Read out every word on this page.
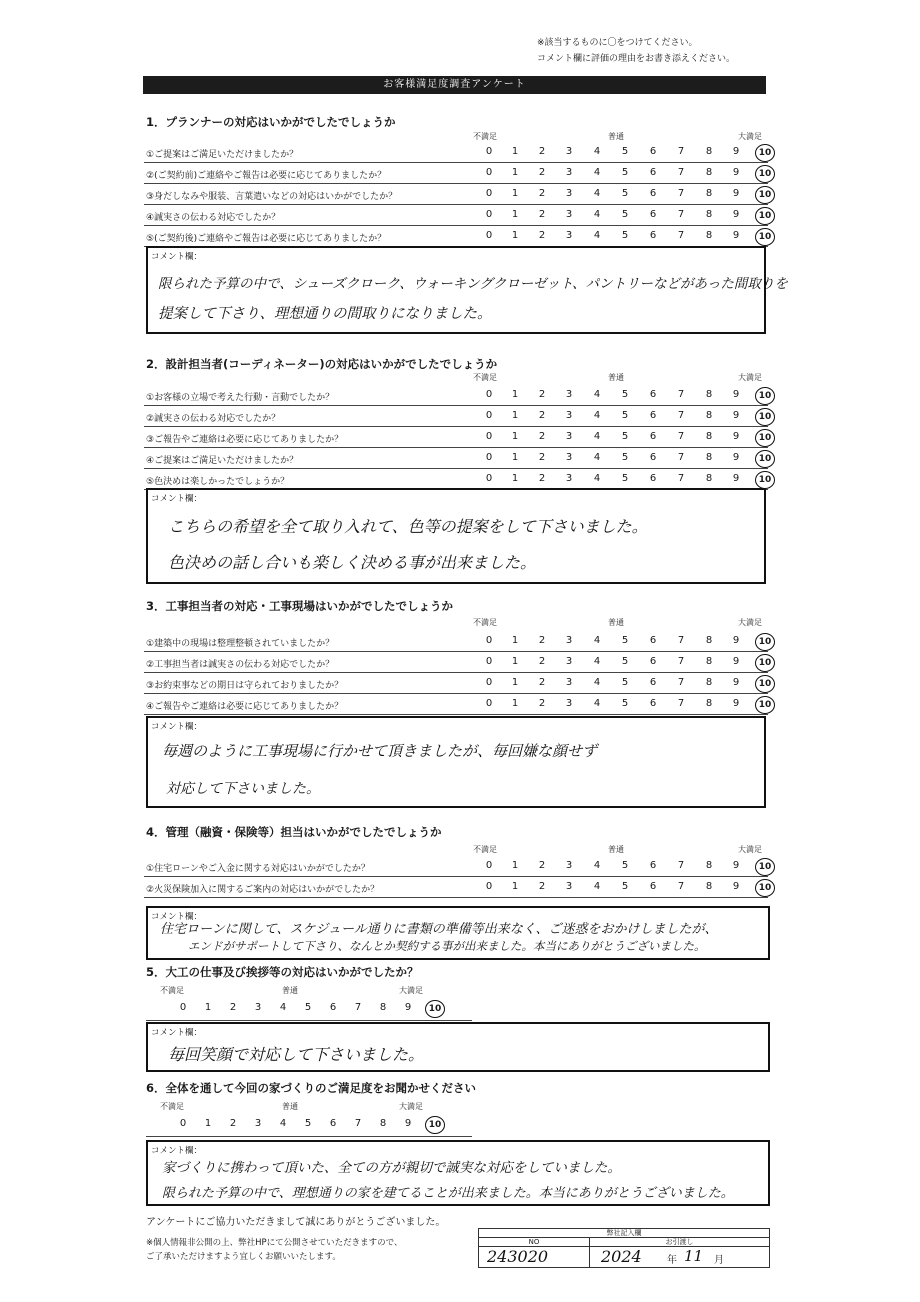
※該当するものに〇をつけてください。
コメント欄に評価の理由をお書き添えください。
お客様満足度調査アンケート
1．プランナーの対応はいかがでしたでしょうか
不満足	普通	大満足
①ご提案はご満足いただけましたか？	0	1	2	3	4	5	6	7	8	9	10
②(ご契約前)ご連絡やご報告は必要に応じてありましたか？	0	1	2	3	4	5	6	7	8	9	10
③身だしなみや服装、言葉遣いなどの対応はいかがでしたか？	0	1	2	3	4	5	6	7	8	9	10
④誠実さの伝わる対応でしたか？	0	1	2	3	4	5	6	7	8	9	10
⑤(ご契約後)ご連絡やご報告は必要に応じてありましたか？	0	1	2	3	4	5	6	7	8	9	10
コメント欄：
限られた予算の中で、シューズクローク、ウォーキングクローゼット、パントリーなどがあった間取りを
提案して下さり、理想通りの間取りになりました。
2．設計担当者(コーディネーター)の対応はいかがでしたでしょうか
不満足	普通	大満足
①お客様の立場で考えた行動・言動でしたか？	0	1	2	3	4	5	6	7	8	9	10
②誠実さの伝わる対応でしたか？	0	1	2	3	4	5	6	7	8	9	10
③ご報告やご連絡は必要に応じてありましたか？	0	1	2	3	4	5	6	7	8	9	10
④ご提案はご満足いただけましたか？	0	1	2	3	4	5	6	7	8	9	10
⑤色決めは楽しかったでしょうか？	0	1	2	3	4	5	6	7	8	9	10
コメント欄：
こちらの希望を全て取り入れて、色等の提案をして下さいました。
色決めの話し合いも楽しく決める事が出来ました。
3．工事担当者の対応・工事現場はいかがでしたでしょうか
不満足	普通	大満足
①建築中の現場は整理整頓されていましたか？	0	1	2	3	4	5	6	7	8	9	10
②工事担当者は誠実さの伝わる対応でしたか？	0	1	2	3	4	5	6	7	8	9	10
③お約束事などの期日は守られておりましたか？	0	1	2	3	4	5	6	7	8	9	10
④ご報告やご連絡は必要に応じてありましたか？	0	1	2	3	4	5	6	7	8	9	10
コメント欄：
毎週のように工事現場に行かせて頂きましたが、毎回嫌な顔せず
対応して下さいました。
4．管理（融資・保険等）担当はいかがでしたでしょうか
不満足	普通	大満足
①住宅ローンやご入金に関する対応はいかがでしたか？	0	1	2	3	4	5	6	7	8	9	10
②火災保険加入に関するご案内の対応はいかがでしたか？	0	1	2	3	4	5	6	7	8	9	10
コメント欄：
住宅ローンに関して、スケジュール通りに書類の準備等出来なく、ご迷惑をおかけしましたが、
エンドがサポートして下さり、なんとか契約する事が出来ました。本当にありがとうございました。
5．大工の仕事及び挨拶等の対応はいかがでしたか？
不満足	普通	大満足
0	1	2	3	4	5	6	7	8	9	10
コメント欄：
毎回笑顔で対応して下さいました。
6．全体を通して今回の家づくりのご満足度をお聞かせください
不満足	普通	大満足
0	1	2	3	4	5	6	7	8	9	10
コメント欄：
家づくりに携わって頂いた、全ての方が親切で誠実な対応をしていました。
限られた予算の中で、理想通りの家を建てることが出来ました。本当にありがとうございました。
アンケートにご協力いただきまして誠にありがとうございました。
※個人情報非公開の上、弊社HPにて公開させていただきますので、
ご了承いただけますよう宜しくお願いいたします。
弊社記入欄
NO	お引渡し
243020	2024	年 11 月
